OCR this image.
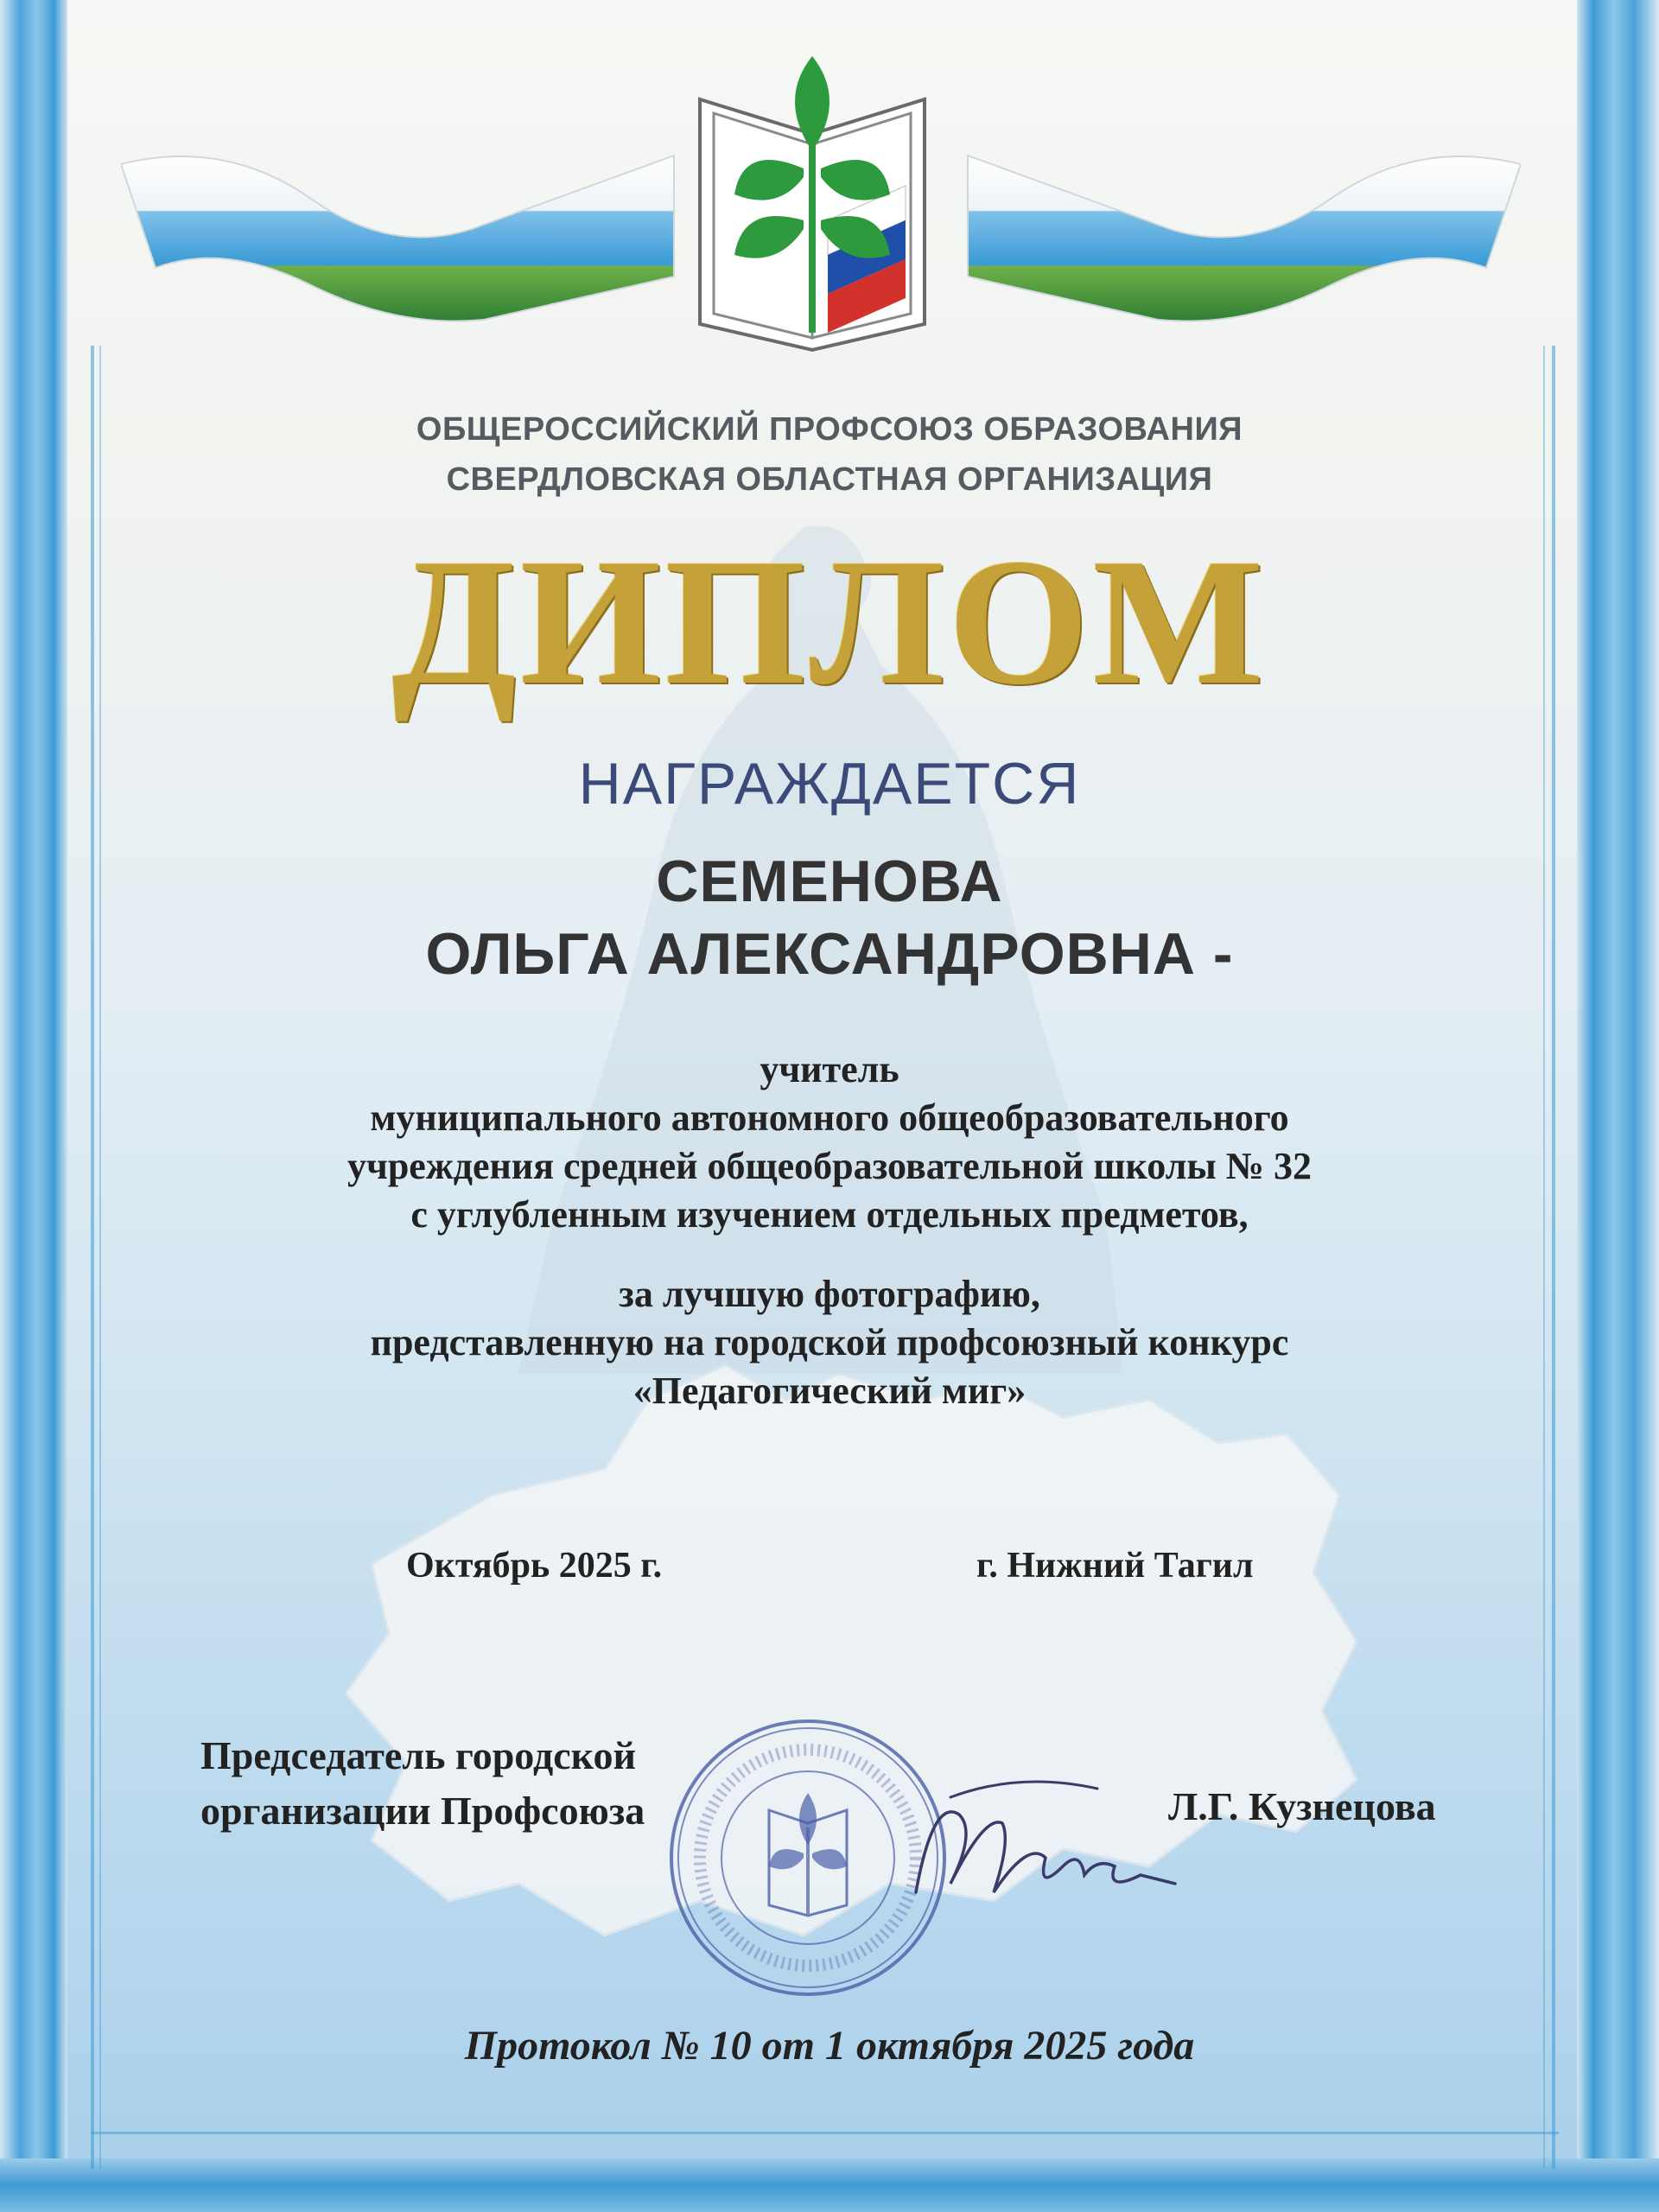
ОБЩЕРОССИЙСКИЙ ПРОФСОЮЗ ОБРАЗОВАНИЯ
СВЕРДЛОВСКАЯ ОБЛАСТНАЯ ОРГАНИЗАЦИЯ
ДИПЛОМ
НАГРАЖДАЕТСЯ
СЕМЕНОВА
ОЛЬГА АЛЕКСАНДРОВНА -
учитель
муниципального автономного общеобразовательного
учреждения средней общеобразовательной школы № 32
с углубленным изучением отдельных предметов,
за лучшую фотографию,
представленную на городской профсоюзный конкурс
«Педагогический миг»
Октябрь 2025 г.	г. Нижний Тагил
Председатель городской
организации Профсоюза	Л.Г. Кузнецова
Протокол № 10 от 1 октября 2025 года
